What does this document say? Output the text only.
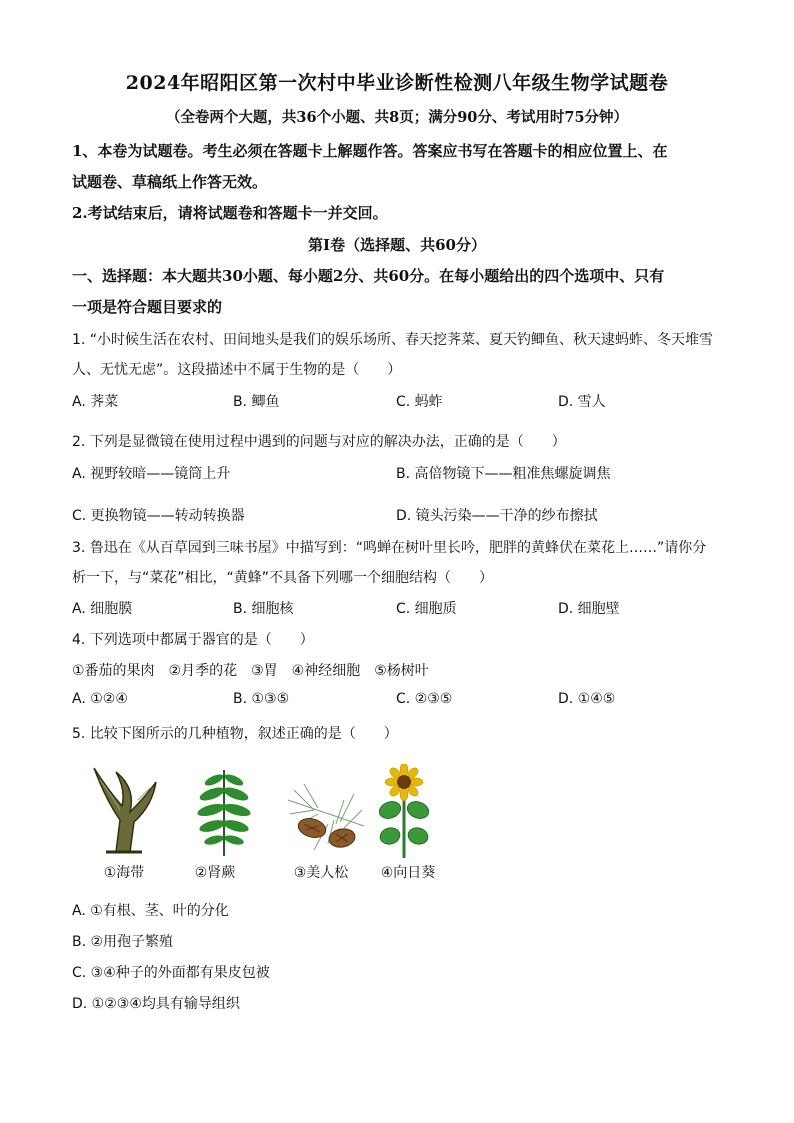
2024年昭阳区第一次村中毕业诊断性检测八年级生物学试题卷
（全卷两个大题，共36个小题、共8页；满分90分、考试用时75分钟）
1、本卷为试题卷。考生必须在答题卡上解题作答。答案应书写在答题卡的相应位置上、在
试题卷、草稿纸上作答无效。
2.考试结束后，请将试题卷和答题卡一并交回。
第Ⅰ卷（选择题、共60分）
一、选择题：本大题共30小题、每小题2分、共60分。在每小题给出的四个选项中、只有
一项是符合题目要求的
1. “小时候生活在农村、田间地头是我们的娱乐场所、春天挖荠菜、夏天钓鲫鱼、秋天逮蚂蚱、冬天堆雪
人、无忧无虑”。这段描述中不属于生物的是（　　）
A. 荠菜	B. 鲫鱼	C. 蚂蚱	D. 雪人
2. 下列是显微镜在使用过程中遇到的问题与对应的解决办法，正确的是（　　）
A. 视野较暗——镜筒上升	B. 高倍物镜下——粗准焦螺旋调焦
C. 更换物镜——转动转换器	D. 镜头污染——干净的纱布擦拭
3. 鲁迅在《从百草园到三味书屋》中描写到：“鸣蝉在树叶里长吟，肥胖的黄蜂伏在菜花上……”请你分
析一下，与“菜花”相比，“黄蜂”不具备下列哪一个细胞结构（　　）
A. 细胞膜	B. 细胞核	C. 细胞质	D. 细胞壁
4. 下列选项中都属于器官的是（　　）
①番茄的果肉　②月季的花　③胃　④神经细胞　⑤杨树叶
A. ①②④	B. ①③⑤	C. ②③⑤	D. ①④⑤
5. 比较下图所示的几种植物，叙述正确的是（　　）
①海带	②肾蕨	③美人松	④向日葵
A. ①有根、茎、叶的分化
B. ②用孢子繁殖
C. ③④种子的外面都有果皮包被
D. ①②③④均具有输导组织
